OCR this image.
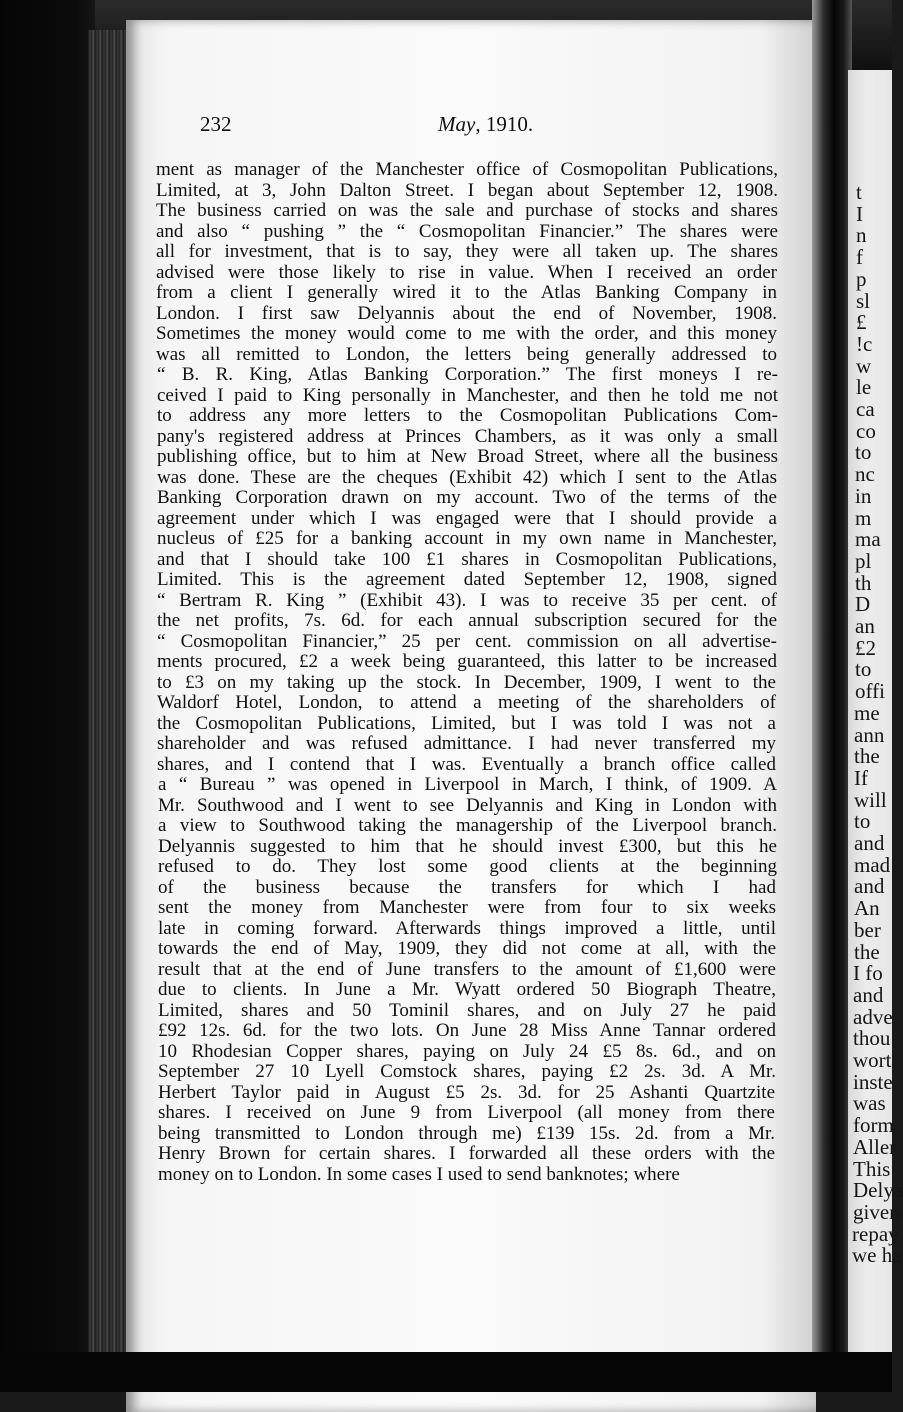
232	May, 1910.
ment as manager of the Manchester office of Cosmopolitan Publications,
Limited, at 3, John Dalton Street. I began about September 12, 1908.
The business carried on was the sale and purchase of stocks and shares
and also “ pushing ” the “ Cosmopolitan Financier.” The shares were
all for investment, that is to say, they were all taken up. The shares
advised were those likely to rise in value. When I received an order
from a client I generally wired it to the Atlas Banking Company in
London. I first saw Delyannis about the end of November, 1908.
Sometimes the money would come to me with the order, and this money
was all remitted to London, the letters being generally addressed to
“ B. R. King, Atlas Banking Corporation.” The first moneys I re-
ceived I paid to King personally in Manchester, and then he told me not
to address any more letters to the Cosmopolitan Publications Com-
pany's registered address at Princes Chambers, as it was only a small
publishing office, but to him at New Broad Street, where all the business
was done. These are the cheques (Exhibit 42) which I sent to the Atlas
Banking Corporation drawn on my account. Two of the terms of the
agreement under which I was engaged were that I should provide a
nucleus of £25 for a banking account in my own name in Manchester,
and that I should take 100 £1 shares in Cosmopolitan Publications,
Limited. This is the agreement dated September 12, 1908, signed
“ Bertram R. King ” (Exhibit 43). I was to receive 35 per cent. of
the net profits, 7s. 6d. for each annual subscription secured for the
“ Cosmopolitan Financier,” 25 per cent. commission on all advertise-
ments procured, £2 a week being guaranteed, this latter to be increased
to £3 on my taking up the stock. In December, 1909, I went to the
Waldorf Hotel, London, to attend a meeting of the shareholders of
the Cosmopolitan Publications, Limited, but I was told I was not a
shareholder and was refused admittance. I had never transferred my
shares, and I contend that I was. Eventually a branch office called
a “ Bureau ” was opened in Liverpool in March, I think, of 1909. A
Mr. Southwood and I went to see Delyannis and King in London with
a view to Southwood taking the managership of the Liverpool branch.
Delyannis suggested to him that he should invest £300, but this he
refused to do. They lost some good clients at the beginning
of the business because the transfers for which I had
sent the money from Manchester were from four to six weeks
late in coming forward. Afterwards things improved a little, until
towards the end of May, 1909, they did not come at all, with the
result that at the end of June transfers to the amount of £1,600 were
due to clients. In June a Mr. Wyatt ordered 50 Biograph Theatre,
Limited, shares and 50 Tominil shares, and on July 27 he paid
£92 12s. 6d. for the two lots. On June 28 Miss Anne Tannar ordered
10 Rhodesian Copper shares, paying on July 24 £5 8s. 6d., and on
September 27 10 Lyell Comstock shares, paying £2 2s. 3d. A Mr.
Herbert Taylor paid in August £5 2s. 3d. for 25 Ashanti Quartzite
shares. I received on June 9 from Liverpool (all money from there
being transmitted to London through me) £139 15s. 2d. from a Mr.
Henry Brown for certain shares. I forwarded all these orders with the
money on to London. In some cases I used to send banknotes; where
t
I
n
f
p
sl
£
!c
w
le
ca
co
to
nc
in
m
ma
pl
th
D
an
£2
to
offi
me
ann
the
If
will
to
and
mad
and
An
ber
the
I fo
and
adve
thou
wort
inste
was
form
Aller
This
Delya
given
repay
we ha
